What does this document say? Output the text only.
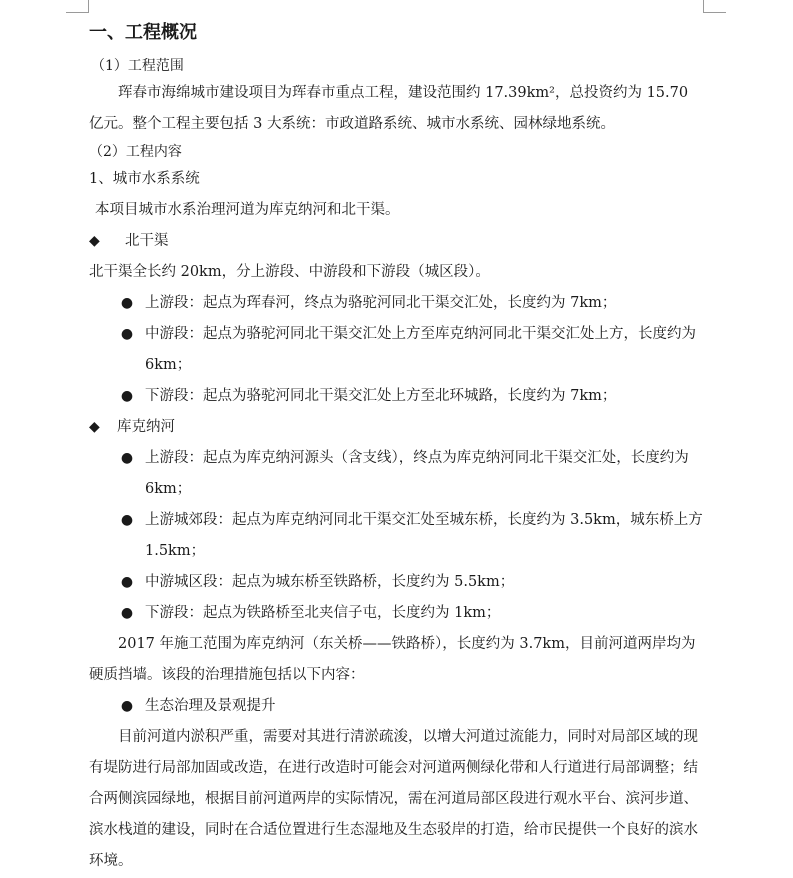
一、工程概况
（1）工程范围

珲春市海绵城市建设项目为珲春市重点工程，建设范围约 17.39km²，总投资约为 15.70 亿元。整个工程主要包括 3 大系统：市政道路系统、城市水系统、园林绿地系统。

（2）工程内容

1、城市水系系统

本项目城市水系治理河道为库克纳河和北干渠。

◆	北干渠

北干渠全长约 20km，分上游段、中游段和下游段（城区段）。

● 上游段：起点为珲春河，终点为骆驼河同北干渠交汇处，长度约为 7km；
● 中游段：起点为骆驼河同北干渠交汇处上方至库克纳河同北干渠交汇处上方，长度约为 6km；
● 下游段：起点为骆驼河同北干渠交汇处上方至北环城路，长度约为 7km；
◆	库克纳河
● 上游段：起点为库克纳河源头（含支线），终点为库克纳河同北干渠交汇处，长度约为 6km；
● 上游城郊段：起点为库克纳河同北干渠交汇处至城东桥，长度约为 3.5km，城东桥上方 1.5km；
● 中游城区段：起点为城东桥至铁路桥，长度约为 5.5km；
● 下游段：起点为铁路桥至北夹信子屯，长度约为 1km；

2017 年施工范围为库克纳河（东关桥——铁路桥），长度约为 3.7km，目前河道两岸均为硬质挡墙。该段的治理措施包括以下内容：

● 生态治理及景观提升

目前河道内淤积严重，需要对其进行清淤疏浚，以增大河道过流能力，同时对局部区域的现有堤防进行局部加固或改造，在进行改造时可能会对河道两侧绿化带和人行道进行局部调整；结合两侧滨园绿地，根据目前河道两岸的实际情况，需在河道局部区段进行观水平台、滨河步道、滨水栈道的建设，同时在合适位置进行生态湿地及生态驳岸的打造，给市民提供一个良好的滨水环境。
